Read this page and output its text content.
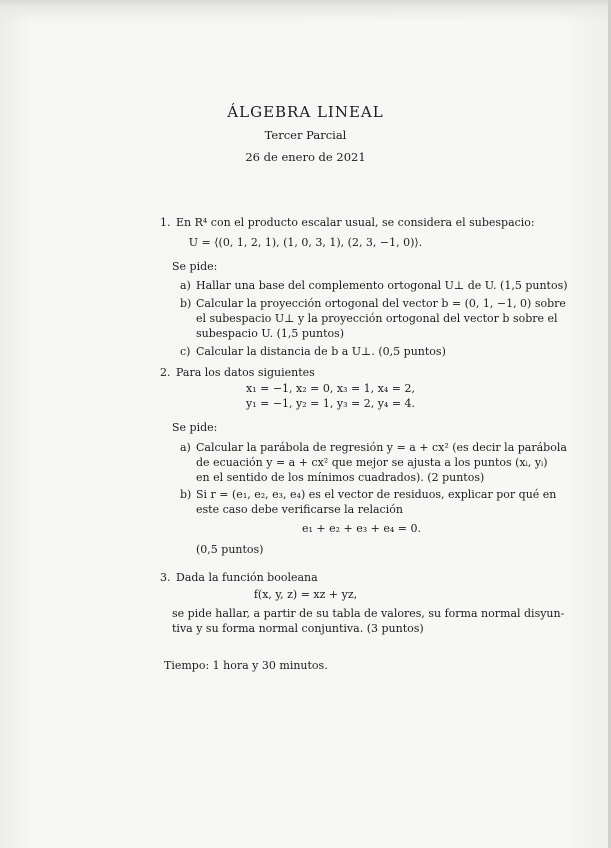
ÁLGEBRA LINEAL
Tercer Parcial
26 de enero de 2021
1. En R⁴ con el producto escalar usual, se considera el subespacio:
U = ⟨(0, 1, 2, 1), (1, 0, 3, 1), (2, 3, −1, 0)⟩.
Se pide:
a) Hallar una base del complemento ortogonal U⊥ de U. (1,5 puntos)
b) Calcular la proyección ortogonal del vector b = (0, 1, −1, 0) sobre
el subespacio U⊥ y la proyección ortogonal del vector b sobre el
subespacio U. (1,5 puntos)
c) Calcular la distancia de b a U⊥. (0,5 puntos)
2. Para los datos siguientes
x₁ = −1, x₂ = 0, x₃ = 1, x₄ = 2,
y₁ = −1, y₂ = 1, y₃ = 2, y₄ = 4.
Se pide:
a) Calcular la parábola de regresión y = a + cx² (es decir la parábola
de ecuación y = a + cx² que mejor se ajusta a los puntos (xᵢ, yᵢ)
en el sentido de los mínimos cuadrados). (2 puntos)
b) Si r = (e₁, e₂, e₃, e₄) es el vector de residuos, explicar por qué en
este caso debe verificarse la relación
e₁ + e₂ + e₃ + e₄ = 0.
(0,5 puntos)
3. Dada la función booleana
f(x, y, z) = xz + yz,
se pide hallar, a partir de su tabla de valores, su forma normal disyun-
tiva y su forma normal conjuntiva. (3 puntos)
Tiempo: 1 hora y 30 minutos.
